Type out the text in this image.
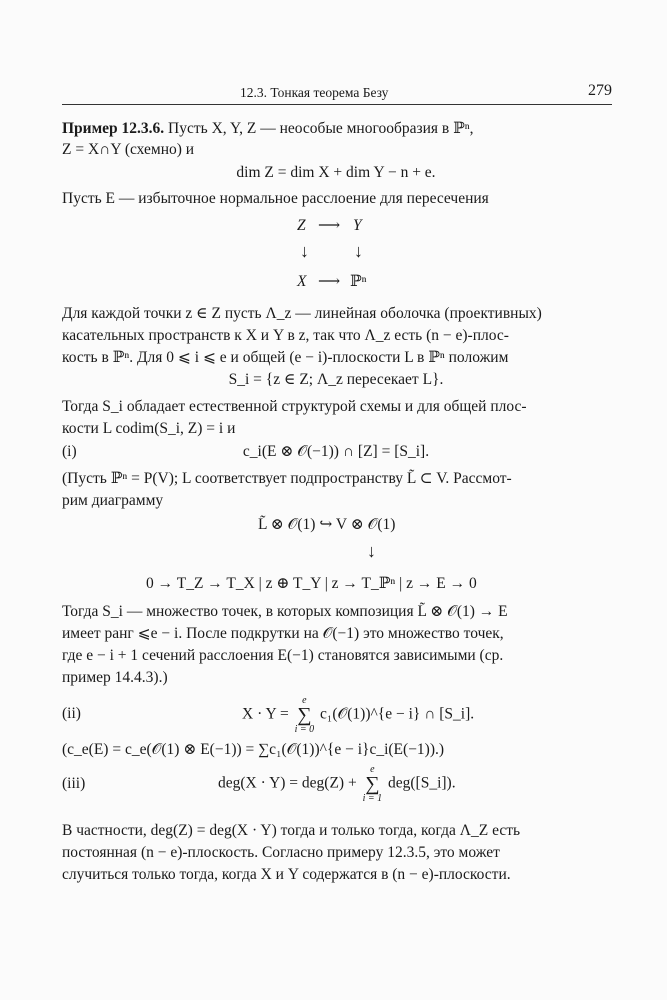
12.3. Тонкая теорема Безу	279
Пример 12.3.6. Пусть X, Y, Z — неособые многообразия в ℙⁿ,
Z = X∩Y (схемно) и
dim Z = dim X + dim Y − n + e.
Пусть E — избыточное нормальное расслоение для пересечения
Z ⟶ Y
↓	↓
X ⟶ ℙⁿ
Для каждой точки z ∈ Z пусть Λ_z — линейная оболочка (проективных)
касательных пространств к X и Y в z, так что Λ_z есть (n − e)-плос-
кость в ℙⁿ. Для 0 ⩽ i ⩽ e и общей (e − i)-плоскости L в ℙⁿ положим
S_i = {z ∈ Z; Λ_z пересекает L}.
Тогда S_i обладает естественной структурой схемы и для общей плос-
кости L codim(S_i, Z) = i и
(i)	c_i(E ⊗ 𝒪(−1)) ∩ [Z] = [S_i].
(Пусть ℙⁿ = P(V); L соответствует подпространству L̃ ⊂ V. Рассмот-
рим диаграмму
L̃ ⊗ 𝒪(1) ↪ V ⊗ 𝒪(1)
↓
0 → T_Z → T_X | z ⊕ T_Y | z → T_ℙⁿ | z → E → 0
Тогда S_i — множество точек, в которых композиция L̃ ⊗ 𝒪(1) → E
имеет ранг ⩽e − i. После подкрутки на 𝒪(−1) это множество точек,
где e − i + 1 сечений расслоения E(−1) становятся зависимыми (ср.
пример 14.4.3).)
(ii)	X · Y =
e
∑
i = 0
c₁(𝒪(1))^{e − i} ∩ [S_i].
(c_e(E) = c_e(𝒪(1) ⊗ E(−1)) = ∑c₁(𝒪(1))^{e − i}c_i(E(−1)).)
(iii)	deg(X · Y) = deg(Z) +
e
∑
i = 1
deg([S_i]).
В частности, deg(Z) = deg(X · Y) тогда и только тогда, когда Λ_Z есть
постоянная (n − e)-плоскость. Согласно примеру 12.3.5, это может
случиться только тогда, когда X и Y содержатся в (n − e)-плоскости.
